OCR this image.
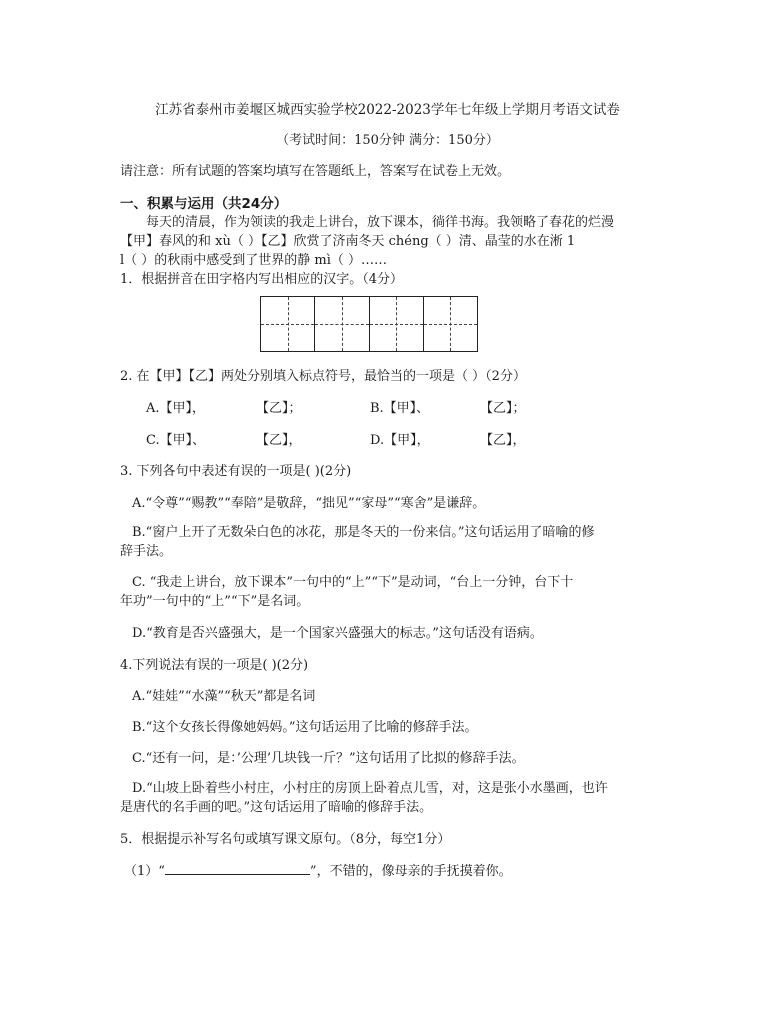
江苏省泰州市姜堰区城西实验学校2022-2023学年七年级上学期月考语文试卷
（考试时间：150分钟 满分：150分）
请注意：所有试题的答案均填写在答题纸上，答案写在试卷上无效。
一、积累与运用（共24分）
每天的清晨，作为领读的我走上讲台，放下课本，徜徉书海。我领略了春花的烂漫
【甲】春风的和 xù（ ）【乙】欣赏了济南冬天 chéng（ ）清、晶莹的水在淅 1
l（ ）的秋雨中感受到了世界的静 mì（ ）……
1．根据拼音在田字格内写出相应的汉字。（4分）
2. 在【甲】【乙】两处分别填入标点符号，最恰当的一项是（ ）（2分）
A.【甲】，	【乙】；	B.【甲】、	【乙】；
C.【甲】、	【乙】，	D.【甲】，	【乙】，
3. 下列各句中表述有误的一项是( )(2分)
A.“令尊”“赐教”“奉陪”是敬辞，“拙见”“家母”“寒舍”是谦辞。
B.“窗户上开了无数朵白色的冰花，那是冬天的一份来信。”这句话运用了暗喻的修
辞手法。
C. “我走上讲台，放下课本”一句中的“上”“下”是动词，“台上一分钟，台下十
年功”一句中的“上”“下”是名词。
D.“教育是否兴盛强大，是一个国家兴盛强大的标志。”这句话没有语病。
4.下列说法有误的一项是( )(2分)
A.“娃娃”“水藻”“秋天”都是名词
B.“这个女孩长得像她妈妈。”这句话运用了比喻的修辞手法。
C.“还有一问，是：’公理’几块钱一斤？”这句话用了比拟的修辞手法。
D.“山坡上卧着些小村庄，小村庄的房顶上卧着点儿雪，对，这是张小水墨画，也许
是唐代的名手画的吧。”这句话运用了暗喻的修辞手法。
5．根据提示补写名句或填写课文原句。（8分，每空1分）
（1）“	”，不错的，像母亲的手抚摸着你。
